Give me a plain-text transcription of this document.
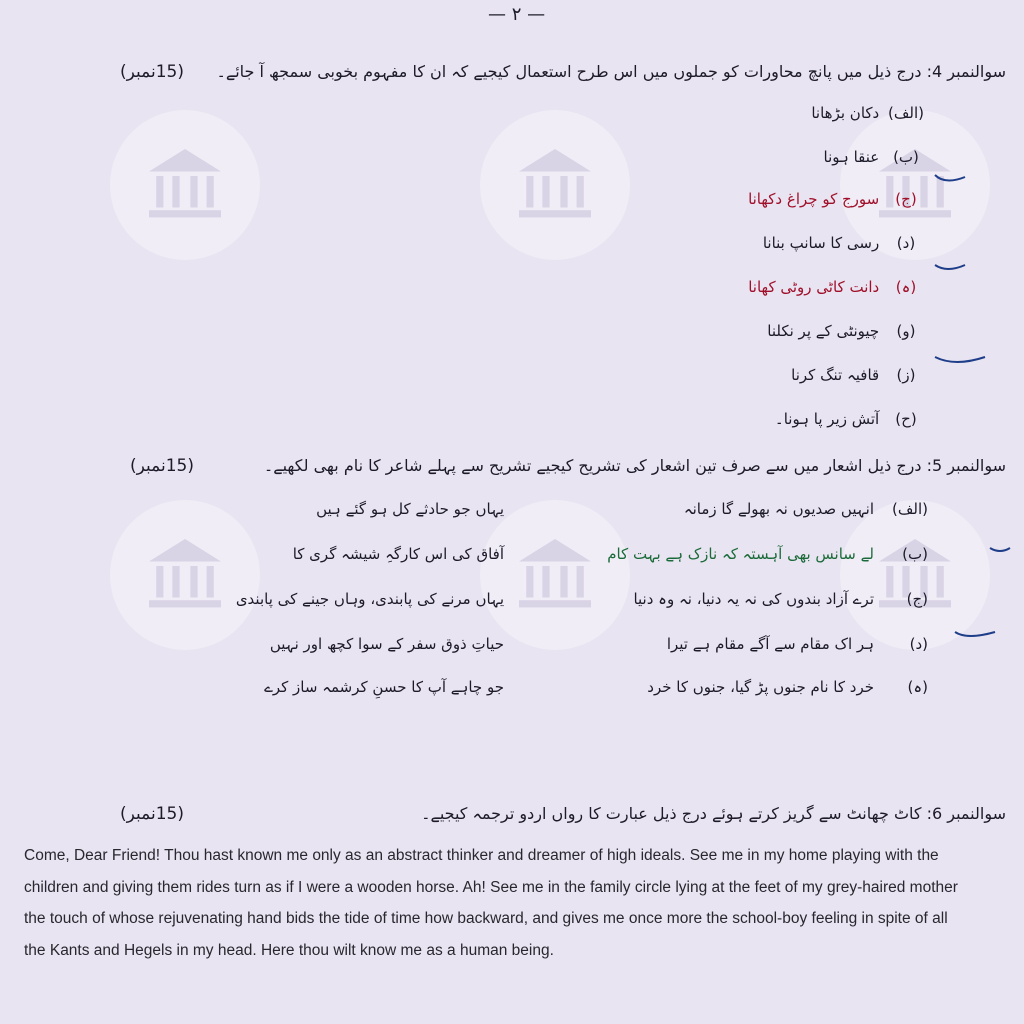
— ۲ —
(15نمبر) سوالنمبر 4: درج ذیل میں پانچ محاورات کو جملوں میں اس طرح استعمال کیجیے کہ ان کا مفہوم بخوبی سمجھ آ جائے۔
(الف) دکان بڑھانا
(ب) عنقا ہونا
(ج) سورج کو چراغ دکھانا
(د) رسی کا سانپ بنانا
(ہ) دانت کاٹی روٹی کھانا
(و) چیونٹی کے پر نکلنا
(ز) قافیہ تنگ کرنا
(ح) آتش زیر پا ہونا۔
(15نمبر)	سوالنمبر 5: درج ذیل اشعار میں سے صرف تین اشعار کی تشریح کیجیے تشریح سے پہلے شاعر کا نام بھی لکھیے۔
(الف)
انہیں صدیوں نہ بھولے گا زمانہ
یہاں جو حادثے کل ہو گئے ہیں
(ب)
لے سانس بھی آہستہ کہ نازک ہے بہت کام
آفاق کی اس کارگہِ شیشہ گری کا
(ج)
ترے آزاد بندوں کی نہ یہ دنیا، نہ وہ دنیا
یہاں مرنے کی پابندی، وہاں جینے کی پابندی
(د)
ہر اک مقام سے آگے مقام ہے تیرا
حیاتِ ذوق سفر کے سوا کچھ اور نہیں
(ہ)
خرد کا نام جنوں پڑ گیا، جنوں کا خرد
جو چاہے آپ کا حسنِ کرشمہ ساز کرے
(15نمبر)	سوالنمبر 6: کاٹ چھانٹ سے گریز کرتے ہوئے درج ذیل عبارت کا رواں اردو ترجمہ کیجیے۔
Come, Dear Friend! Thou hast known me only as an abstract thinker and dreamer of high ideals. See me in my home playing with the children and giving them rides turn as if I were a wooden horse. Ah! See me in the family circle lying at the feet of my grey-haired mother the touch of whose rejuvenating hand bids the tide of time how backward, and gives me once more the school-boy feeling in spite of all the Kants and Hegels in my head. Here thou wilt know me as a human being.
